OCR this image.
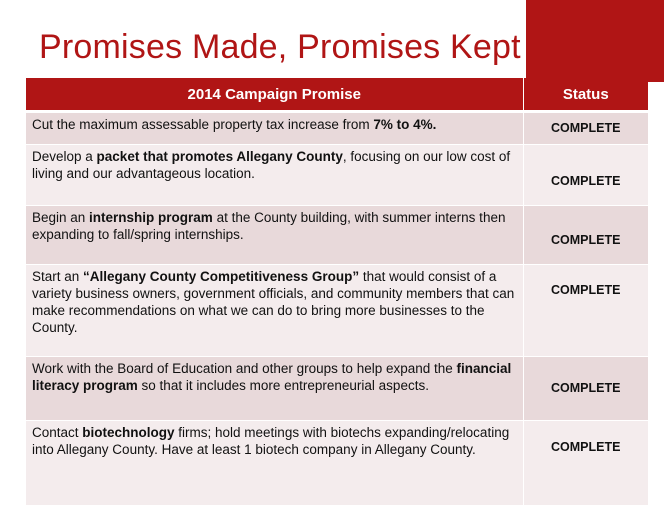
Promises Made, Promises Kept
2014 Campaign Promise	Status
Cut the maximum assessable property tax increase from 7% to 4%.	COMPLETE
Develop a packet that promotes Allegany County, focusing on our low cost of living and our advantageous location.	COMPLETE
Begin an internship program at the County building, with summer interns then expanding to fall/spring internships.	COMPLETE
Start an “Allegany County Competitiveness Group” that would consist of a variety business owners, government officials, and community members that can make recommendations on what we can do to bring more businesses to the County.	COMPLETE
Work with the Board of Education and other groups to help expand the financial literacy program so that it includes more entrepreneurial aspects.	COMPLETE
Contact biotechnology firms; hold meetings with biotechs expanding/relocating into Allegany County. Have at least 1 biotech company in Allegany County.	COMPLETE
